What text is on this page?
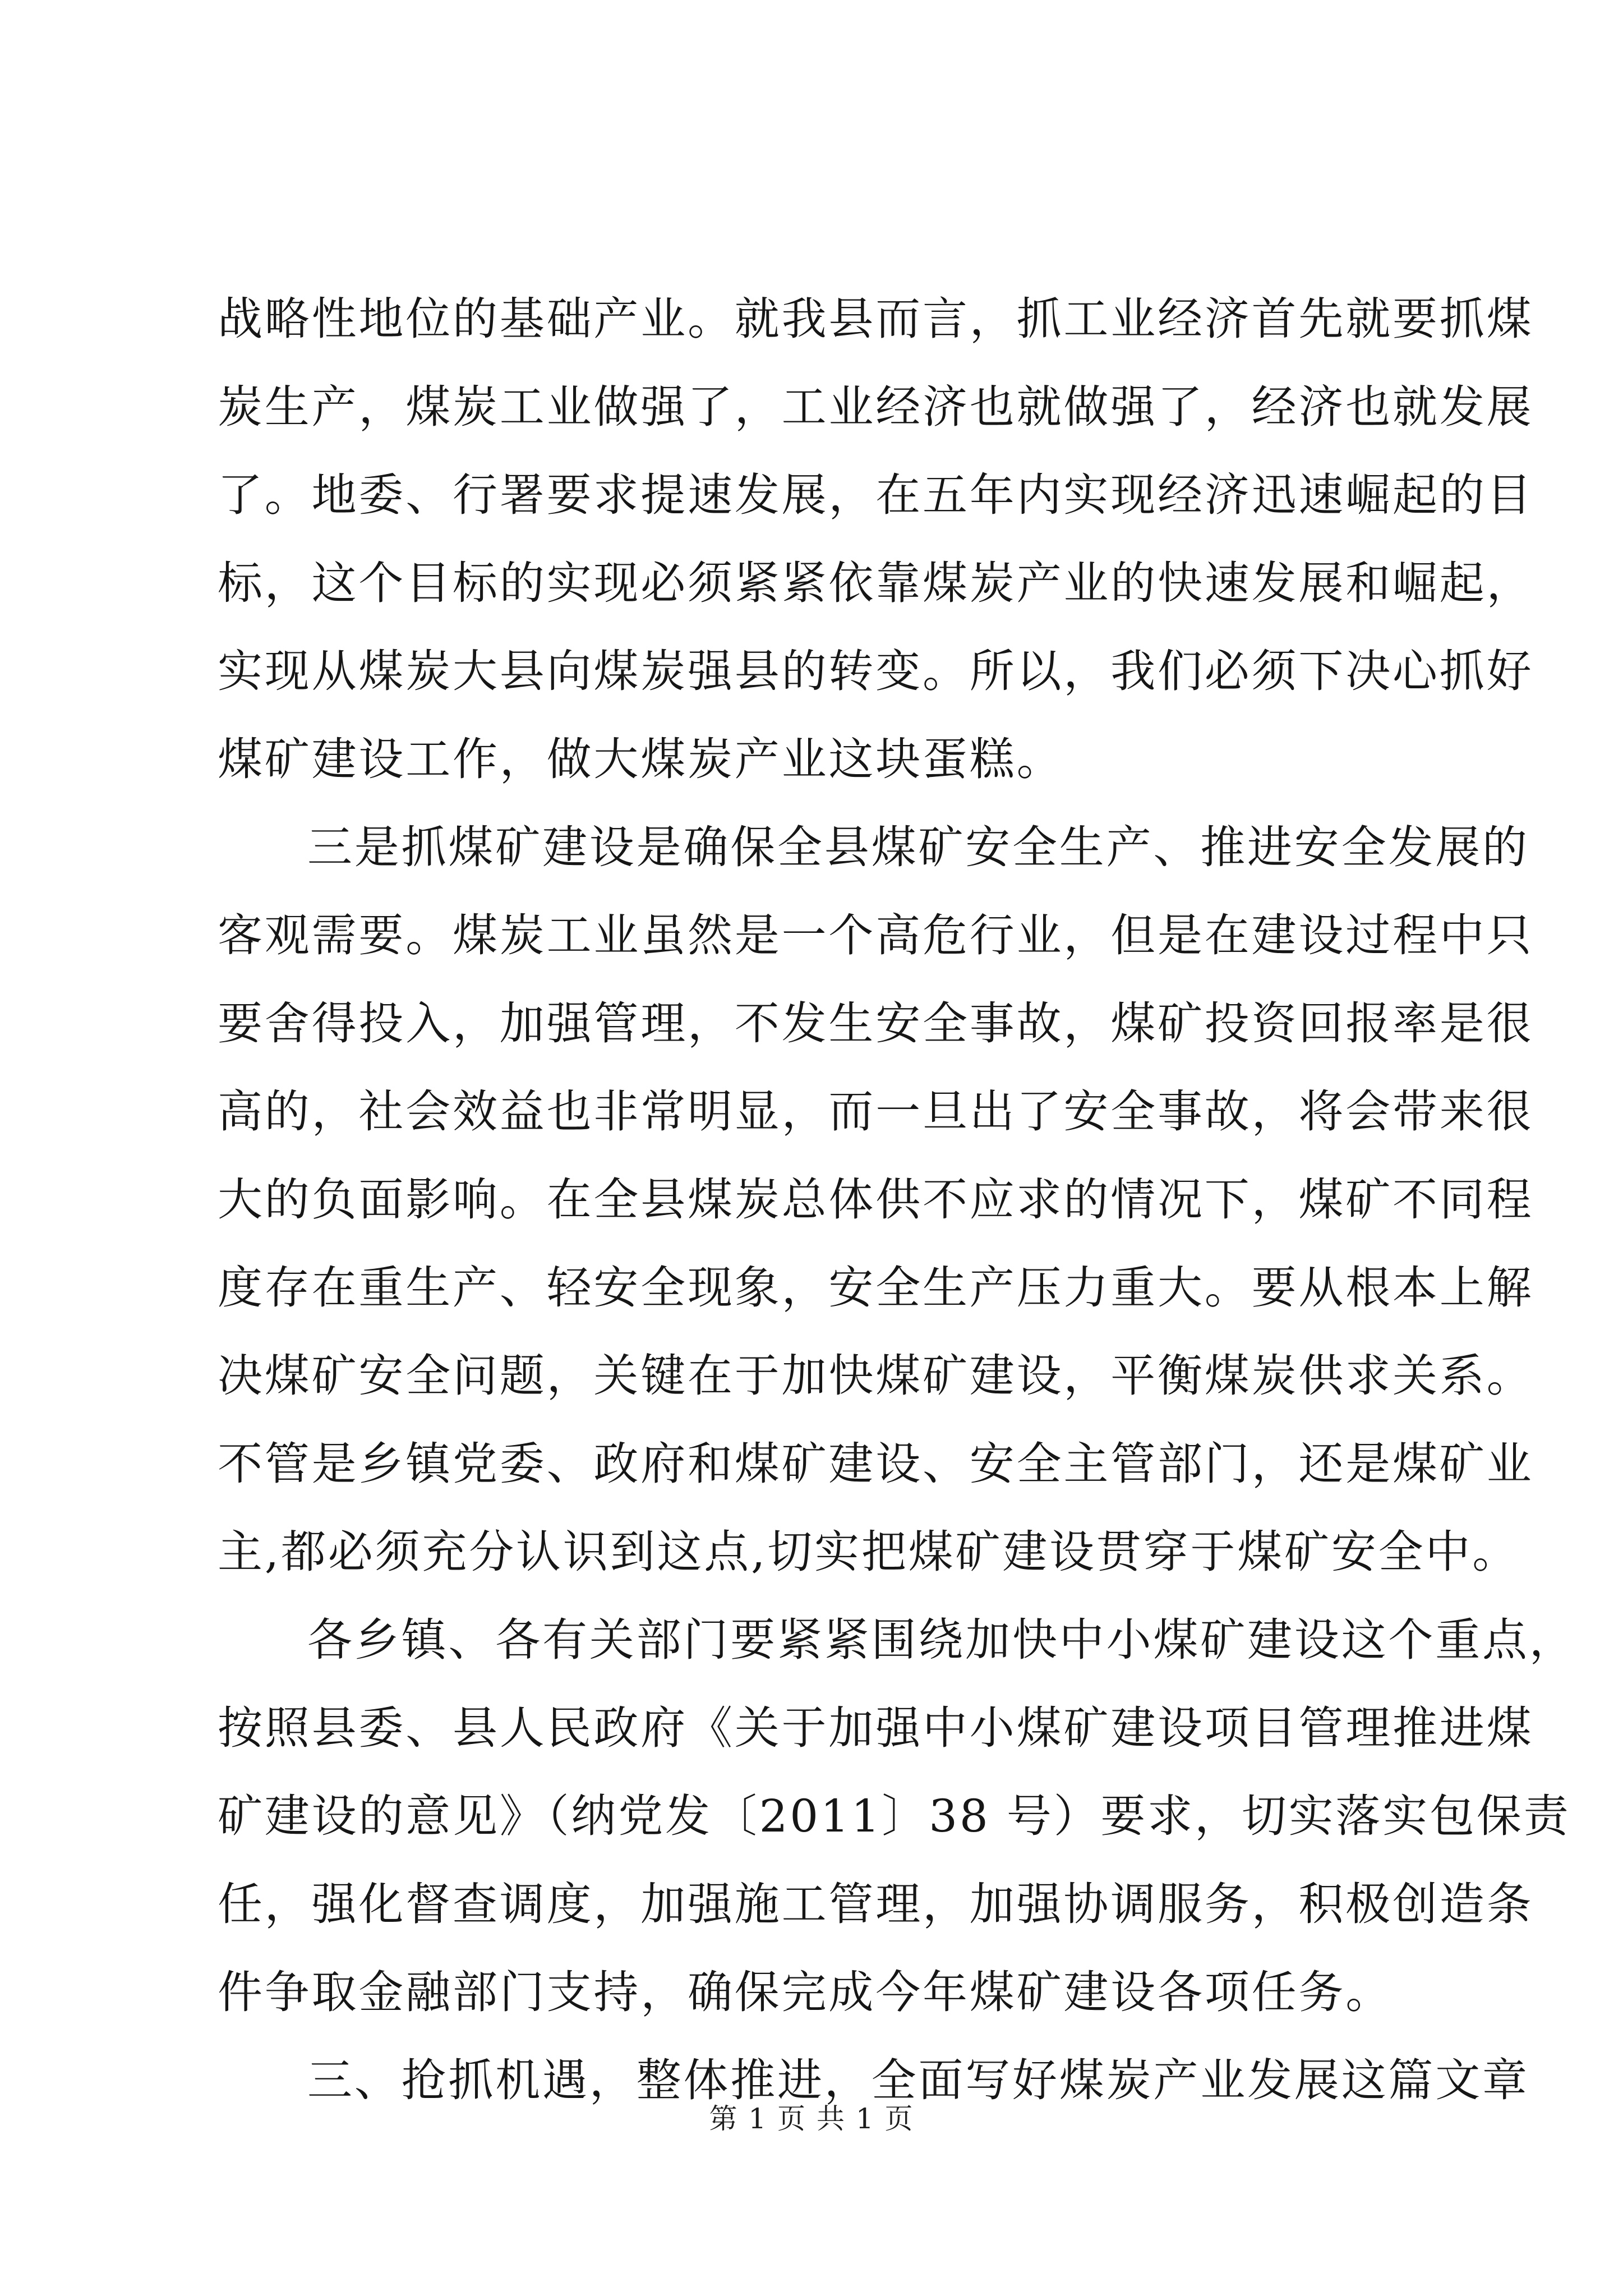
战略性地位的基础产业。就我县而言，抓工业经济首先就要抓煤
炭生产，煤炭工业做强了，工业经济也就做强了，经济也就发展
了。地委、行署要求提速发展，在五年内实现经济迅速崛起的目
标，这个目标的实现必须紧紧依靠煤炭产业的快速发展和崛起，
实现从煤炭大县向煤炭强县的转变。所以，我们必须下决心抓好
煤矿建设工作，做大煤炭产业这块蛋糕。
三是抓煤矿建设是确保全县煤矿安全生产、推进安全发展的
客观需要。煤炭工业虽然是一个高危行业，但是在建设过程中只
要舍得投入，加强管理，不发生安全事故，煤矿投资回报率是很
高的，社会效益也非常明显，而一旦出了安全事故，将会带来很
大的负面影响。在全县煤炭总体供不应求的情况下，煤矿不同程
度存在重生产、轻安全现象，安全生产压力重大。要从根本上解
决煤矿安全问题，关键在于加快煤矿建设，平衡煤炭供求关系。
不管是乡镇党委、政府和煤矿建设、安全主管部门，还是煤矿业
主,都必须充分认识到这点,切实把煤矿建设贯穿于煤矿安全中。
各乡镇、各有关部门要紧紧围绕加快中小煤矿建设这个重点，
按照县委、县人民政府《关于加强中小煤矿建设项目管理推进煤
矿建设的意见》（纳党发〔2011〕38 号）要求，切实落实包保责
任，强化督查调度，加强施工管理，加强协调服务，积极创造条
件争取金融部门支持，确保完成今年煤矿建设各项任务。
三、抢抓机遇，整体推进，全面写好煤炭产业发展这篇文章
第 1 页 共 1 页
